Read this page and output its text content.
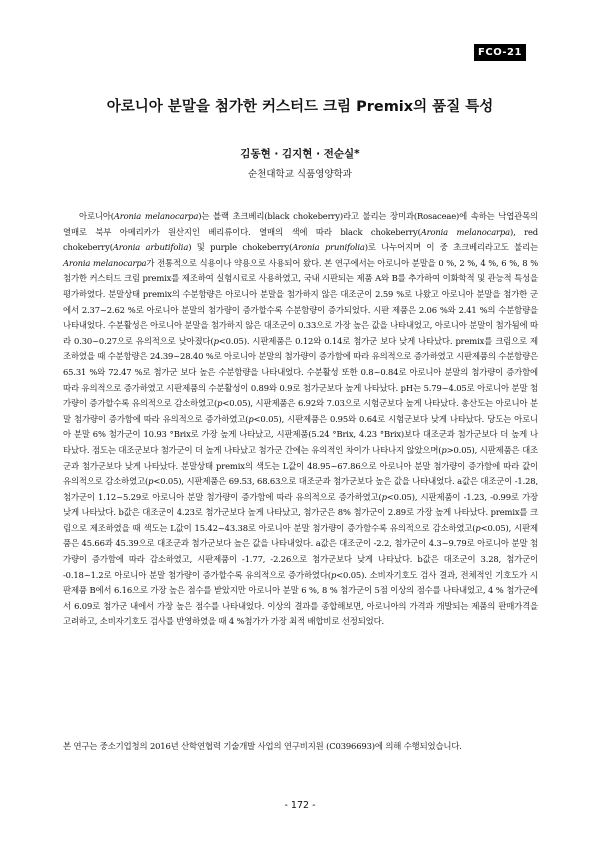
FCO-21
아로니아 분말을 첨가한 커스터드 크림 Premix의 품질 특성
김동현 · 김지현 · 전순실*
순천대학교 식품영양학과

아로니아(Aronia melanocarpa)는 블랙 초크베리(black chokeberry)라고 불리는 장미과(Rosaceae)에 속하는 낙엽관목의 열매로 북부 아메리카가 원산지인 베리류이다. 열매의 색에 따라 black chokeberry(Aronia melanocarpa), red chokeberry(Aronia arbutifolia) 및 purple chokeberry(Aronia prunifolia)로 나누어지며 이 중 초크베리라고도 불리는 Aronia melanocarpa가 전통적으로 식용이나 약용으로 사용되어 왔다. 본 연구에서는 아로니아 분말을 0 %, 2 %, 4 %, 6 %, 8 % 첨가한 커스터드 크림 premix를 제조하여 실험시료로 사용하였고, 국내 시판되는 제품 A와 B를 추가하여 이화학적 및 관능적 특성을 평가하였다. 분말상태 premix의 수분함량은 아로니아 분말을 첨가하지 않은 대조군이 2.59 %로 나왔고 아로니아 분말을 첨가한 군에서 2.37~2.62 %로 아로니아 분말의 첨가량이 증가할수록 수분함량이 증가되었다. 시판 제품은 2.06 %와 2.41 %의 수분함량을 나타내었다. 수분활성은 아로니아 분말을 첨가하지 않은 대조군이 0.33으로 가장 높은 값을 나타내었고, 아로니아 분말이 첨가됨에 따라 0.30~0.27으로 유의적으로 낮아졌다(p<0.05). 시판제품은 0.12와 0.14로 첨가군 보다 낮게 나타났다. premix를 크림으로 제조하였을 때 수분함량은 24.39~28.40 %로 아로니아 분말의 첨가량이 증가함에 따라 유의적으로 증가하였고 시판제품의 수분함량은 65.31 %와 72.47 %로 첨가군 보다 높은 수분함량을 나타내었다. 수분활성 또한 0.8~0.84로 아로니아 분말의 첨가량이 증가함에 따라 유의적으로 증가하였고 시판제품의 수분활성이 0.89와 0.9로 첨가군보다 높게 나타났다. pH는 5.79~4.05로 아로니아 분말 첨가량이 증가할수록 유의적으로 감소하였고(p<0.05), 시판제품은 6.92와 7.03으로 시험군보다 높게 나타났다. 총산도는 아로니아 분말 첨가량이 증가함에 따라 유의적으로 증가하였고(p<0.05), 시판제품은 0.95와 0.64로 시험군보다 낮게 나타났다. 당도는 아로니아 분말 6% 첨가군이 10.93 °Brix로 가장 높게 나타났고, 시판제품(5.24 °Brix, 4.23 °Brix)보다 대조군과 첨가군보다 더 높게 나타났다. 점도는 대조군보다 첨가군이 더 높게 나타났고 첨가군 간에는 유의적인 차이가 나타나지 않았으며(p>0.05), 시판제품은 대조군과 첨가군보다 낮게 나타났다. 분말상태 premix의 색도는 L값이 48.95~67.86으로 아로니아 분말 첨가량이 증가함에 따라 값이 유의적으로 감소하였고(p<0.05), 시판제품은 69.53, 68.63으로 대조군과 첨가군보다 높은 값을 나타내었다. a값은 대조군이 -1.28, 첨가군이 1.12~5.29로 아로니아 분말 첨가량이 증가함에 따라 유의적으로 증가하였고(p<0.05), 시판제품이 -1.23, -0.99로 가장 낮게 나타났다. b값은 대조군이 4.23로 첨가군보다 높게 나타났고, 첨가군은 8% 첨가군이 2.89로 가장 높게 나타났다. premix를 크림으로 제조하였을 때 색도는 L값이 15.42~43.38로 아로니아 분말 첨가량이 증가함수록 유의적으로 감소하였고(p<0.05), 시판제품은 45.66과 45.39으로 대조군과 첨가군보다 높은 값을 나타내었다. a값은 대조군이 -2.2, 첨가군이 4.3~9.79로 아로니아 분말 첨가량이 증가함에 따라 감소하였고, 시판제품이 -1.77, -2.26으로 첨가군보다 낮게 나타났다. b값은 대조군이 3.28, 첨가군이 -0.18~1.2로 아로니아 분말 첨가량이 증가할수록 유의적으로 증가하였다(p<0.05). 소비자기호도 검사 결과, 전체적인 기호도가 시판제품 B에서 6.16으로 가장 높은 점수를 받았지만 아로니아 분말 6 %, 8 % 첨가군이 5점 이상의 점수를 나타내었고, 4 % 첨가군에서 6.09로 첨가군 내에서 가장 높은 점수를 나타내었다. 이상의 결과를 종합해보면, 아로니아의 가격과 개발되는 제품의 판매가격을 고려하고, 소비자기호도 검사를 반영하였을 때 4 %첨가가 가장 최적 배합비로 선정되었다.

본 연구는 중소기업청의 2016년 산학연협력 기술개발 사업의 연구비지원 (C0396693)에 의해 수행되었습니다.

- 172 -
